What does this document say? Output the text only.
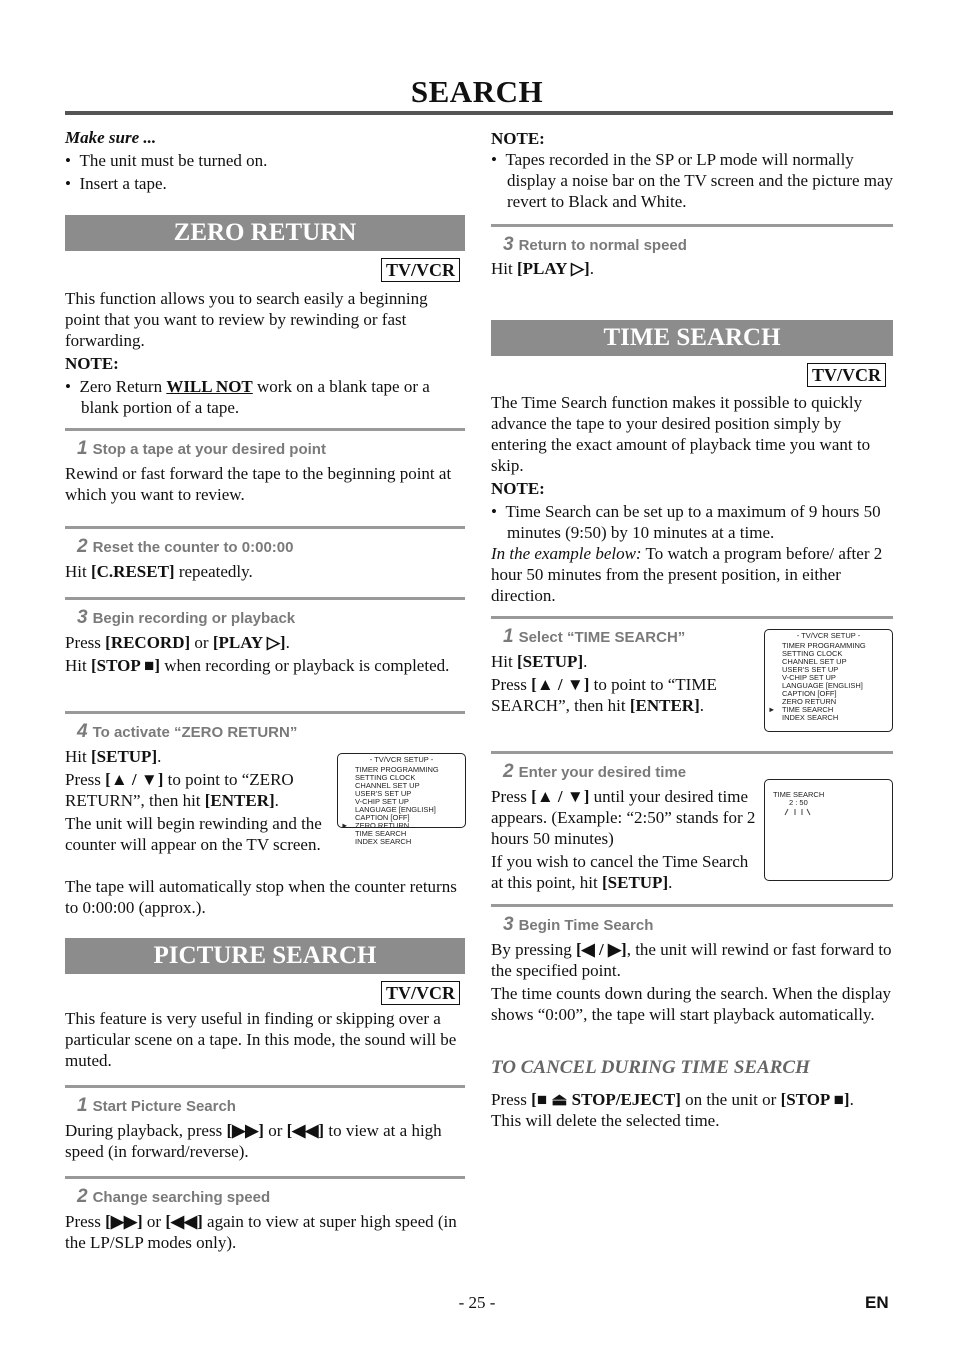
SEARCH
Make sure ...
•  The unit must be turned on.
•  Insert a tape.
ZERO RETURN
TV/VCR
This function allows you to search easily a beginning point that you want to review by rewinding or fast forwarding.
NOTE:
•  Zero Return WILL NOT work on a blank tape or a blank portion of a tape.
1 Stop a tape at your desired point
Rewind or fast forward the tape to the beginning point at which you want to review.
2 Reset the counter to 0:00:00
Hit [C.RESET] repeatedly.
3 Begin recording or playback
Press [RECORD] or [PLAY ▷].
Hit [STOP ■] when recording or playback is completed.
4 To activate “ZERO RETURN”
Hit [SETUP].
Press [▲ / ▼] to point to “ZERO RETURN”, then hit [ENTER].
The unit will begin rewinding and the counter will appear on the TV screen.
The tape will automatically stop when the counter returns to 0:00:00 (approx.).
- TV/VCR SETUP -
TIMER PROGRAMMING
SETTING CLOCK
CHANNEL SET UP
USER'S SET UP
V-CHIP SET UP
LANGUAGE [ENGLISH]
CAPTION [OFF]
► ZERO RETURN
TIME SEARCH
INDEX SEARCH
PICTURE SEARCH
TV/VCR
This feature is very useful in finding or skipping over a particular scene on a tape. In this mode, the sound will be muted.
1 Start Picture Search
During playback, press [▶▶] or [◀◀] to view at a high speed (in forward/reverse).
2 Change searching speed
Press [▶▶] or [◀◀] again to view at super high speed (in the LP/SLP modes only).
NOTE:
•  Tapes recorded in the SP or LP mode will normally display a noise bar on the TV screen and the picture may revert to Black and White.
3 Return to normal speed
Hit [PLAY ▷].
TIME SEARCH
TV/VCR
The Time Search function makes it possible to quickly advance the tape to your desired position simply by entering the exact amount of playback time you want to skip.
NOTE:
•  Time Search can be set up to a maximum of 9 hours 50 minutes (9:50) by 10 minutes at a time.
In the example below: To watch a program before/ after 2 hour 50 minutes from the present position, in either direction.
1 Select “TIME SEARCH”
Hit [SETUP].
Press [▲ / ▼] to point to “TIME SEARCH”, then hit [ENTER].
- TV/VCR SETUP -
TIMER PROGRAMMING
SETTING CLOCK
CHANNEL SET UP
USER'S SET UP
V-CHIP SET UP
LANGUAGE [ENGLISH]
CAPTION [OFF]
ZERO RETURN
► TIME SEARCH
INDEX SEARCH
2 Enter your desired time
Press [▲ / ▼] until your desired time appears. (Example: “2:50” stands for 2 hours 50 minutes)
If you wish to cancel the Time Search at this point, hit [SETUP].
TIME SEARCH
2 : 50
3 Begin Time Search
By pressing [◀ / ▶], the unit will rewind or fast forward to the specified point.
The time counts down during the search. When the display shows “0:00”, the tape will start playback automatically.
TO CANCEL DURING TIME SEARCH
Press [■ ⏏ STOP/EJECT] on the unit or [STOP ■].
This will delete the selected time.
- 25 -	EN
